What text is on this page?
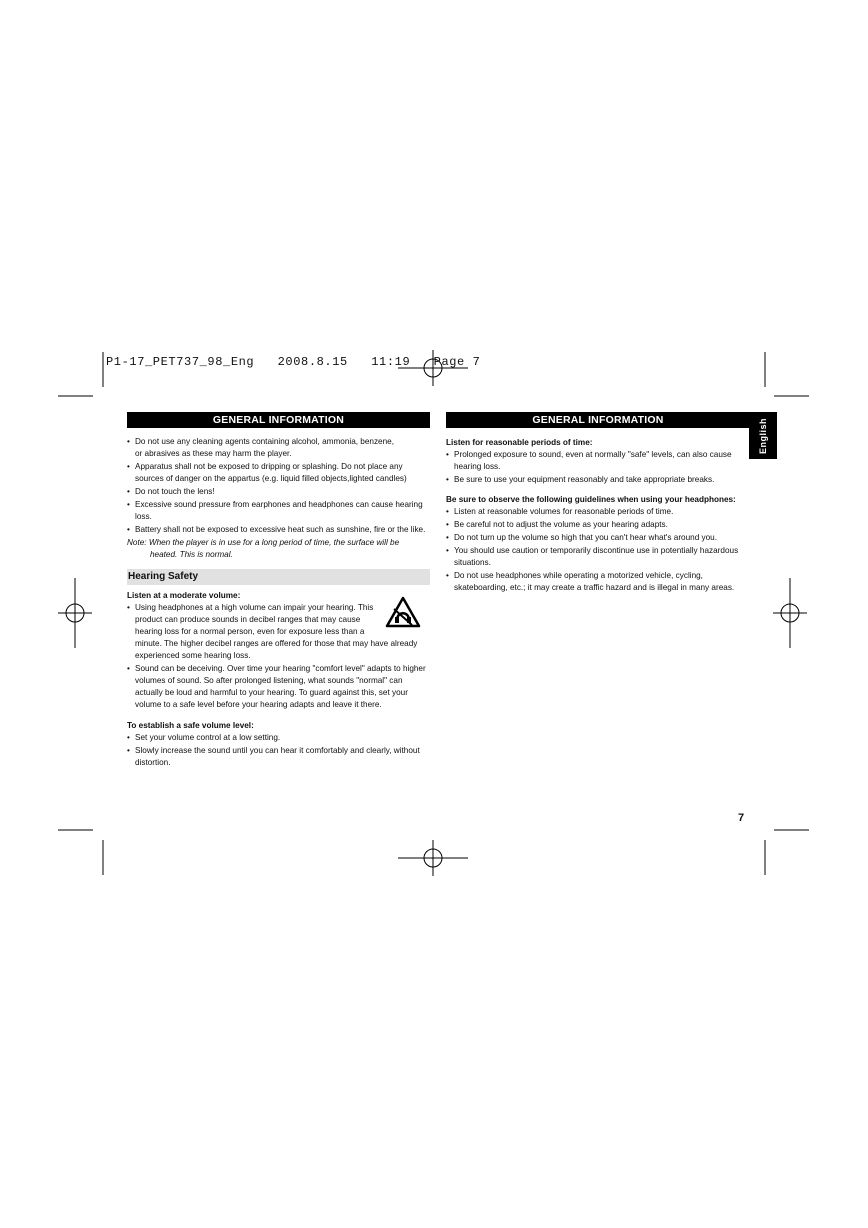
P1-17_PET737_98_Eng   2008.8.15   11:19   Page 7
GENERAL INFORMATION
• Do not use any cleaning agents containing alcohol, ammonia, benzene,
or abrasives as these may harm the player.
• Apparatus shall not be exposed to dripping or splashing. Do not place any sources of danger on the appartus (e.g. liquid filled objects,lighted candles)
• Do not touch the lens!
• Excessive sound pressure from earphones and headphones can cause hearing loss.
• Battery shall not be exposed to excessive heat such as sunshine, fire or the like.
Note: When the player is in use for a long period of time, the surface will be
heated. This is normal.
Hearing Safety
Listen at a moderate volume:
• Using headphones at a high volume can impair your hearing. This
product can produce sounds in decibel ranges that may cause
hearing loss for a normal person, even for exposure less than a
minute. The higher decibel ranges are offered for those that may have already experienced some hearing loss.
• Sound can be deceiving. Over time your hearing "comfort level" adapts to higher volumes of sound. So after prolonged listening, what sounds "normal" can actually be loud and harmful to your hearing. To guard against this, set your volume to a safe level before your hearing adapts and leave it there.
To establish a safe volume level:
• Set your volume control at a low setting.
• Slowly increase the sound until you can hear it comfortably and clearly, without distortion.
GENERAL INFORMATION
Listen for reasonable periods of time:
• Prolonged exposure to sound, even at normally "safe" levels, can also cause hearing loss.
• Be sure to use your equipment reasonably and take appropriate breaks.
Be sure to observe the following guidelines when using your headphones:
• Listen at reasonable volumes for reasonable periods of time.
• Be careful not to adjust the volume as your hearing adapts.
• Do not turn up the volume so high that you can't hear what's around you.
• You should use caution or temporarily discontinue use in potentially hazardous situations.
• Do not use headphones while operating a motorized vehicle, cycling, skateboarding, etc.; it may create a traffic hazard and is illegal in many areas.
English
7
